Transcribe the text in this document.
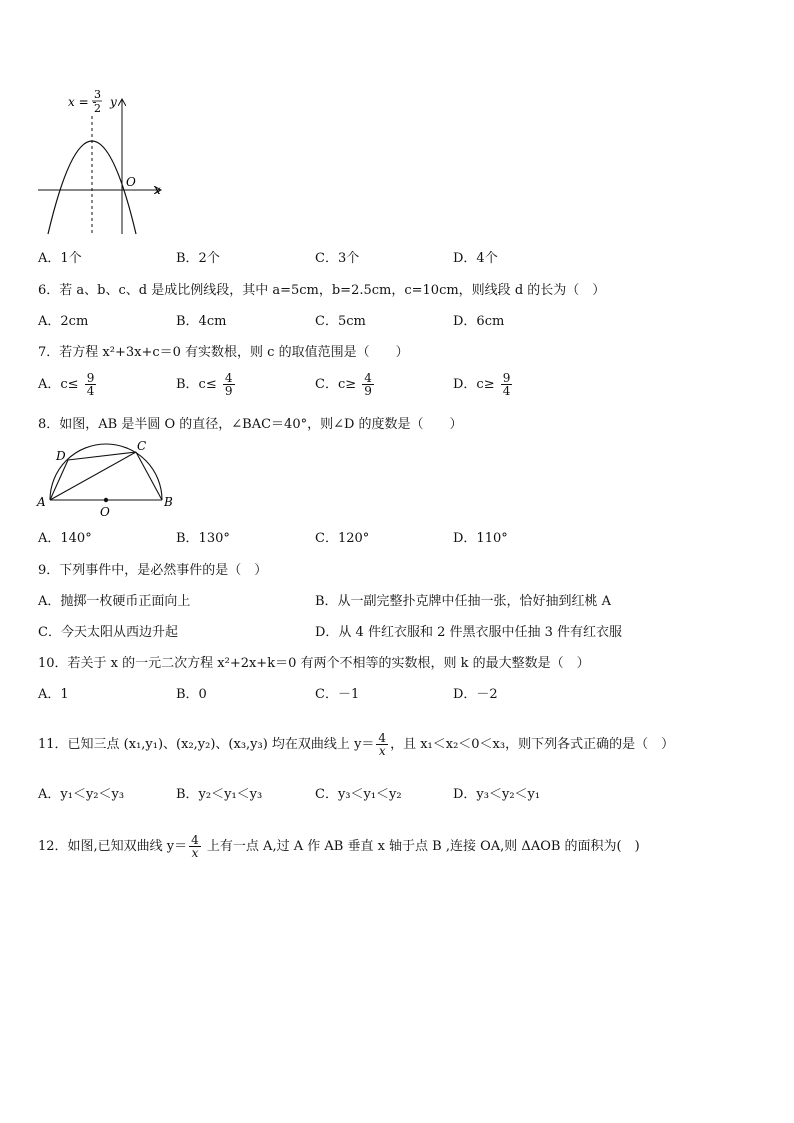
x = -
3
2 y
x
O
A．1个	B．2个	C．3个	D．4个
6．若 a、b、c、d 是成比例线段，其中 a=5cm，b=2.5cm，c=10cm，则线段 d 的长为（　）
A．2cm	B．4cm	C．5cm	D．6cm
7．若方程 x²+3x+c＝0 有实数根，则 c 的取值范围是（　　）
A．$c\le \frac{9}{4}$	B．$c\le \frac{4}{9}$	C．$c\ge \frac{4}{9}$	D．$c\ge \frac{9}{4}$
8．如图，AB 是半圆 O 的直径，∠BAC＝40°，则∠D 的度数是（　　）
A	B
C
D
O
A．140°	B．130°	C．120°	D．110°
9．下列事件中，是必然事件的是（　）
A．抛掷一枚硬币正面向上	B．从一副完整扑克牌中任抽一张，恰好抽到红桃 A
C．今天太阳从西边升起	D．从 4 件红衣服和 2 件黑衣服中任抽 3 件有红衣服
10．若关于 x 的一元二次方程 x²+2x+k＝0 有两个不相等的实数根，则 k 的最大整数是（　）
A．1	B．0	C．－1	D．－2
11．已知三点 (x₁,y₁)、(x₂,y₂)、(x₃,y₃) 均在双曲线上 $y= \frac{4}{x}$ ，且 x₁＜x₂＜0＜x₃，则下列各式正确的是（　）
A．y₁＜y₂＜y₃	B．y₂＜y₁＜y₃	C．y₃＜y₁＜y₂	D．y₃＜y₂＜y₁
12．如图,已知双曲线 $y= \frac{4}{x}$ 上有一点 A,过 A 作 AB 垂直 x 轴于点 B ,连接 OA,则 ΔAOB 的面积为(　)
